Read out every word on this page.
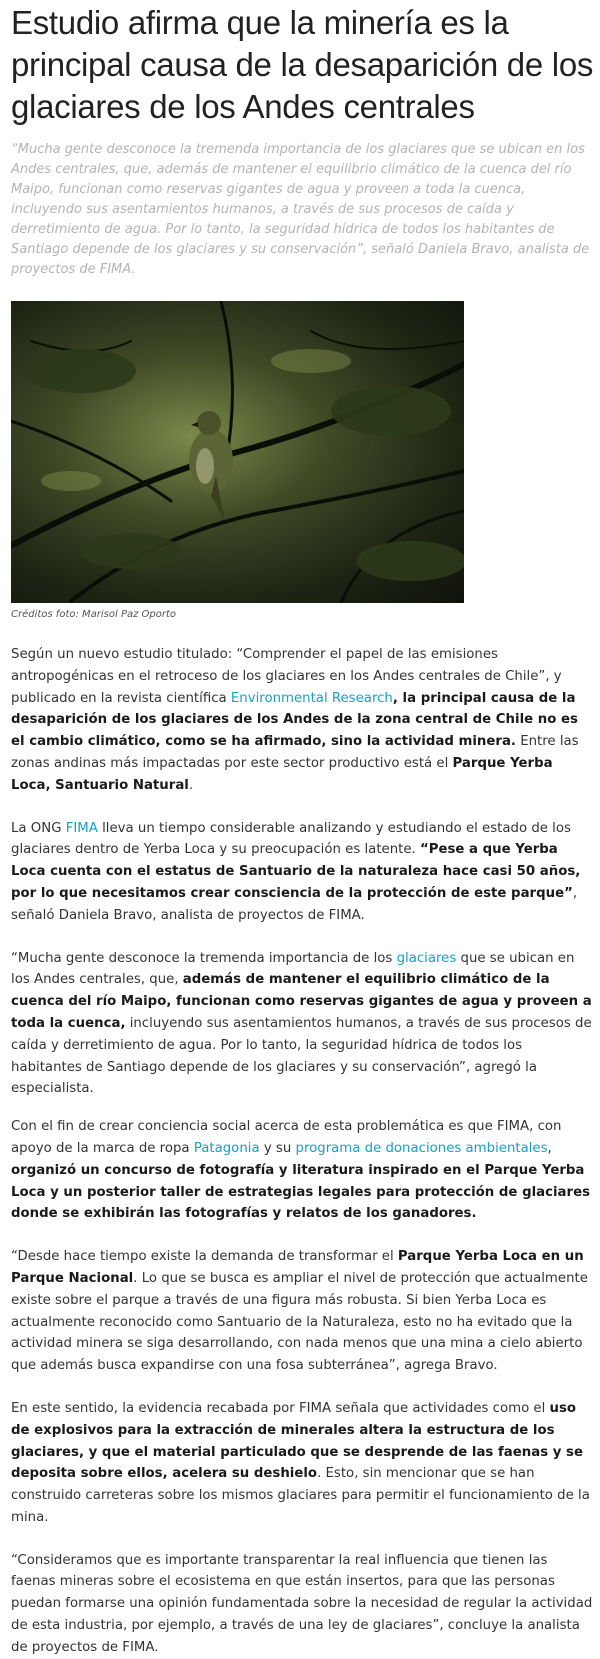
Estudio afirma que la minería es la principal causa de la desaparición de los glaciares de los Andes centrales

“Mucha gente desconoce la tremenda importancia de los glaciares que se ubican en los Andes centrales, que, además de mantener el equilibrio climático de la cuenca del río Maipo, funcionan como reservas gigantes de agua y proveen a toda la cuenca, incluyendo sus asentamientos humanos, a través de sus procesos de caída y derretimiento de agua. Por lo tanto, la seguridad hídrica de todos los habitantes de Santiago depende de los glaciares y su conservación”, señaló Daniela Bravo, analista de proyectos de FIMA.

Créditos foto: Marisol Paz Oporto

Según un nuevo estudio titulado: “Comprender el papel de las emisiones antropogénicas en el retroceso de los glaciares en los Andes centrales de Chile”, y publicado en la revista científica Environmental Research, la principal causa de la desaparición de los glaciares de los Andes de la zona central de Chile no es el cambio climático, como se ha afirmado, sino la actividad minera. Entre las zonas andinas más impactadas por este sector productivo está el Parque Yerba Loca, Santuario Natural.

La ONG FIMA lleva un tiempo considerable analizando y estudiando el estado de los glaciares dentro de Yerba Loca y su preocupación es latente. “Pese a que Yerba Loca cuenta con el estatus de Santuario de la naturaleza hace casi 50 años, por lo que necesitamos crear consciencia de la protección de este parque”, señaló Daniela Bravo, analista de proyectos de FIMA.

“Mucha gente desconoce la tremenda importancia de los glaciares que se ubican en los Andes centrales, que, además de mantener el equilibrio climático de la cuenca del río Maipo, funcionan como reservas gigantes de agua y proveen a toda la cuenca, incluyendo sus asentamientos humanos, a través de sus procesos de caída y derretimiento de agua. Por lo tanto, la seguridad hídrica de todos los habitantes de Santiago depende de los glaciares y su conservación”, agregó la especialista.

Con el fin de crear conciencia social acerca de esta problemática es que FIMA, con apoyo de la marca de ropa Patagonia y su programa de donaciones ambientales, organizó un concurso de fotografía y literatura inspirado en el Parque Yerba Loca y un posterior taller de estrategias legales para protección de glaciares donde se exhibirán las fotografías y relatos de los ganadores.

“Desde hace tiempo existe la demanda de transformar el Parque Yerba Loca en un Parque Nacional. Lo que se busca es ampliar el nivel de protección que actualmente existe sobre el parque a través de una figura más robusta. Si bien Yerba Loca es actualmente reconocido como Santuario de la Naturaleza, esto no ha evitado que la actividad minera se siga desarrollando, con nada menos que una mina a cielo abierto que además busca expandirse con una fosa subterránea”, agrega Bravo.

En este sentido, la evidencia recabada por FIMA señala que actividades como el uso de explosivos para la extracción de minerales altera la estructura de los glaciares, y que el material particulado que se desprende de las faenas y se deposita sobre ellos, acelera su deshielo. Esto, sin mencionar que se han construido carreteras sobre los mismos glaciares para permitir el funcionamiento de la mina.

“Consideramos que es importante transparentar la real influencia que tienen las faenas mineras sobre el ecosistema en que están insertos, para que las personas puedan formarse una opinión fundamentada sobre la necesidad de regular la actividad de esta industria, por ejemplo, a través de una ley de glaciares”, concluye la analista de proyectos de FIMA.
